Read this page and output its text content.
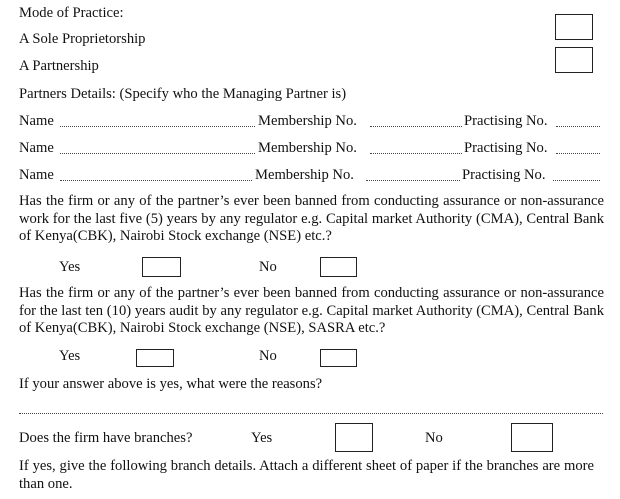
Mode of Practice:
A Sole Proprietorship
A Partnership
Partners Details: (Specify who the Managing Partner is)
Name	Membership No.	Practising No.
Name	Membership No.	Practising No.
Name	Membership No.	Practising No.
Has the firm or any of the partner’s ever been banned from conducting assurance or non-assurance work for the last five (5) years by any regulator e.g. Capital market Authority (CMA), Central Bank of Kenya(CBK), Nairobi Stock exchange (NSE) etc.?
Yes	No
Has the firm or any of the partner’s ever been banned from conducting assurance or non-assurance for the last ten (10) years audit by any regulator e.g. Capital market Authority (CMA), Central Bank of Kenya(CBK), Nairobi Stock exchange (NSE), SASRA etc.?
Yes	No
If your answer above is yes, what were the reasons?
Does the firm have branches?	Yes	No
If yes, give the following branch details. Attach a different sheet of paper if the branches are more than one.
